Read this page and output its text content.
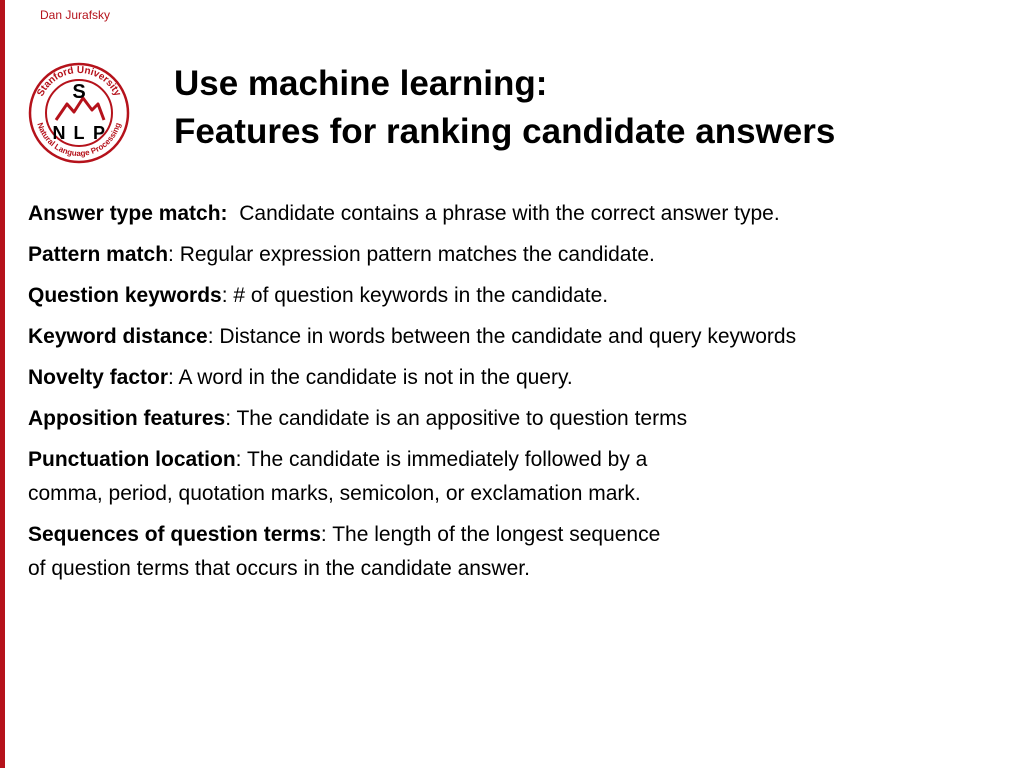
Dan Jurafsky
Stanford University
Natural Language Processing
S
N L P
Use machine learning:
Features for ranking candidate answers
Answer type match:  Candidate contains a phrase with the correct answer type.
Pattern match: Regular expression pattern matches the candidate.
Question keywords: # of question keywords in the candidate.
Keyword distance: Distance in words between the candidate and query keywords
Novelty factor: A word in the candidate is not in the query.
Apposition features: The candidate is an appositive to question terms
Punctuation location: The candidate is immediately followed by a
comma, period, quotation marks, semicolon, or exclamation mark.
Sequences of question terms: The length of the longest sequence
of question terms that occurs in the candidate answer.
